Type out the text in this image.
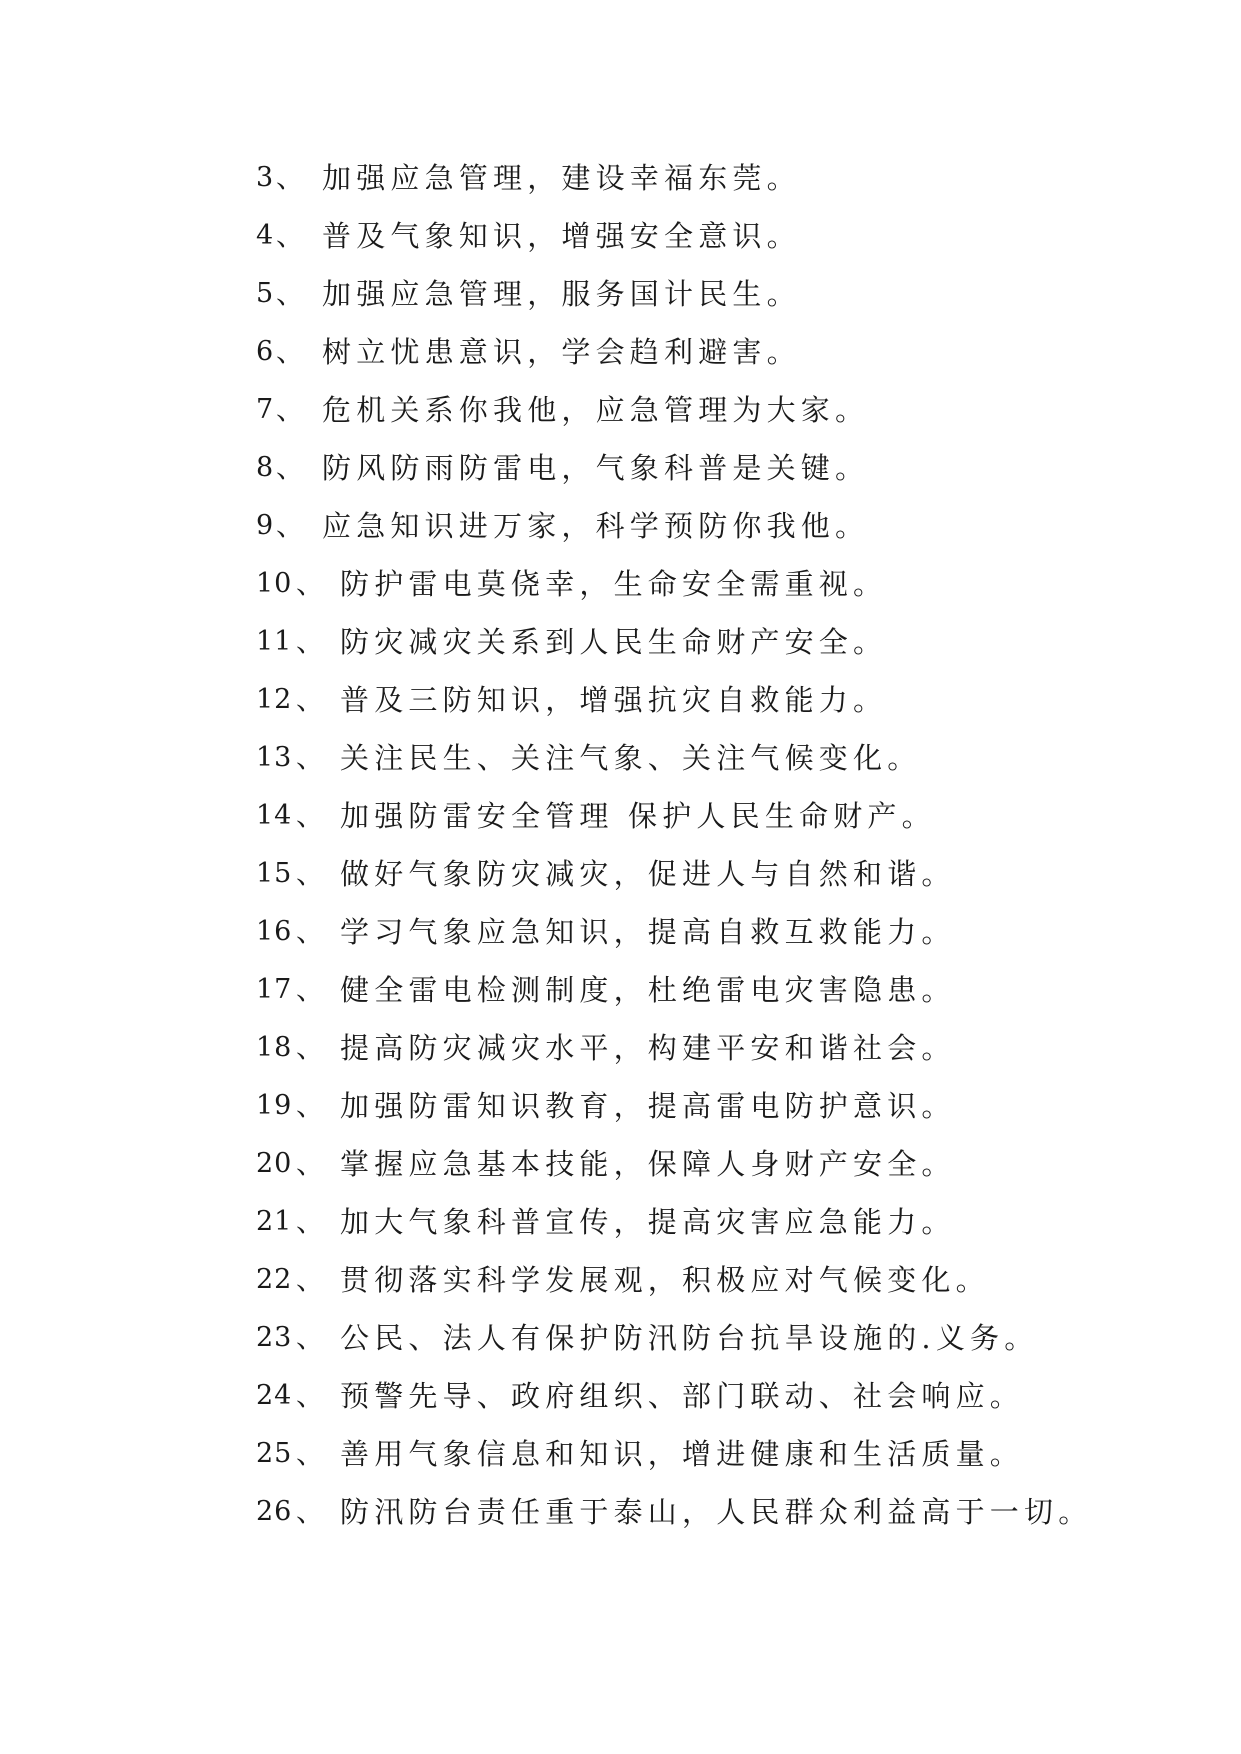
3 、 加强应急管理，建设幸福东莞。
4 、 普及气象知识，增强安全意识。
5 、 加强应急管理，服务国计民生。
6 、 树立忧患意识，学会趋利避害。
7 、 危机关系你我他，应急管理为大家。
8 、 防风防雨防雷电，气象科普是关键。
9 、 应急知识进万家，科学预防你我他。
10 、 防护雷电莫侥幸，生命安全需重视。
11 、 防灾减灾关系到人民生命财产安全。
12 、 普及三防知识，增强抗灾自救能力。
13 、 关注民生、关注气象、关注气候变化。
14 、 加强防雷安全管理 保护人民生命财产。
15 、 做好气象防灾减灾，促进人与自然和谐。
16 、 学习气象应急知识，提高自救互救能力。
17 、 健全雷电检测制度，杜绝雷电灾害隐患。
18 、 提高防灾减灾水平，构建平安和谐社会。
19 、 加强防雷知识教育，提高雷电防护意识。
20 、 掌握应急基本技能，保障人身财产安全。
21 、 加大气象科普宣传，提高灾害应急能力。
22 、 贯彻落实科学发展观，积极应对气候变化。
23 、 公民、法人有保护防汛防台抗旱设施的.义务。
24 、 预警先导、政府组织、部门联动、社会响应。
25 、 善用气象信息和知识，增进健康和生活质量。
26 、 防汛防台责任重于泰山，人民群众利益高于一切。
